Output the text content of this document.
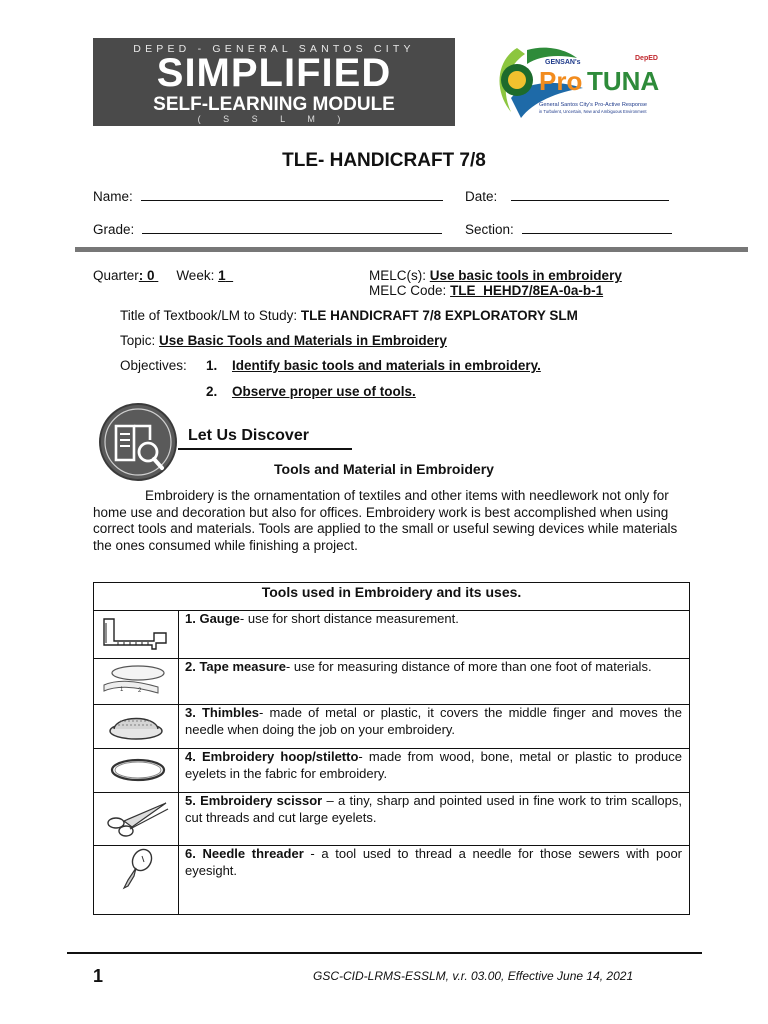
DEPED - GENERAL SANTOS CITY
SIMPLIFIED
SELF-LEARNING MODULE
( S S L M )
GENSAN's
Pro TUNA
DepED
General Santos City's Pro-Active Response
in Turbulent, Uncertain, New and Ambiguous Environment
TLE- HANDICRAFT 7/8
Name:	Date:
Grade:	Section:
Quarter: 0 Week: 1	MELC(s): Use basic tools in embroidery
MELC Code: TLE_HEHD7/8EA-0a-b-1
Title of Textbook/LM to Study: TLE HANDICRAFT 7/8 EXPLORATORY SLM
Topic: Use Basic Tools and Materials in Embroidery
Objectives: 1. Identify basic tools and materials in embroidery.
2. Observe proper use of tools.
Let Us Discover
Tools and Material in Embroidery
Embroidery is the ornamentation of textiles and other items with needlework not only for home use and decoration but also for offices. Embroidery work is best accomplished when using correct tools and materials. Tools are applied to the small or useful sewing devices while materials the ones consumed while finishing a project.
Tools used in Embroidery and its uses.
1. Gauge- use for short distance measurement.
1 2
2. Tape measure- use for measuring distance of more than one foot of materials.
3. Thimbles- made of metal or plastic, it covers the middle finger and moves the needle when doing the job on your embroidery.
4. Embroidery hoop/stiletto- made from wood, bone, metal or plastic to produce eyelets in the fabric for embroidery.
5. Embroidery scissor – a tiny, sharp and pointed used in fine work to trim scallops, cut threads and cut large eyelets.
6. Needle threader - a tool used to thread a needle for those sewers with poor eyesight.
1	GSC-CID-LRMS-ESSLM, v.r. 03.00, Effective June 14, 2021
